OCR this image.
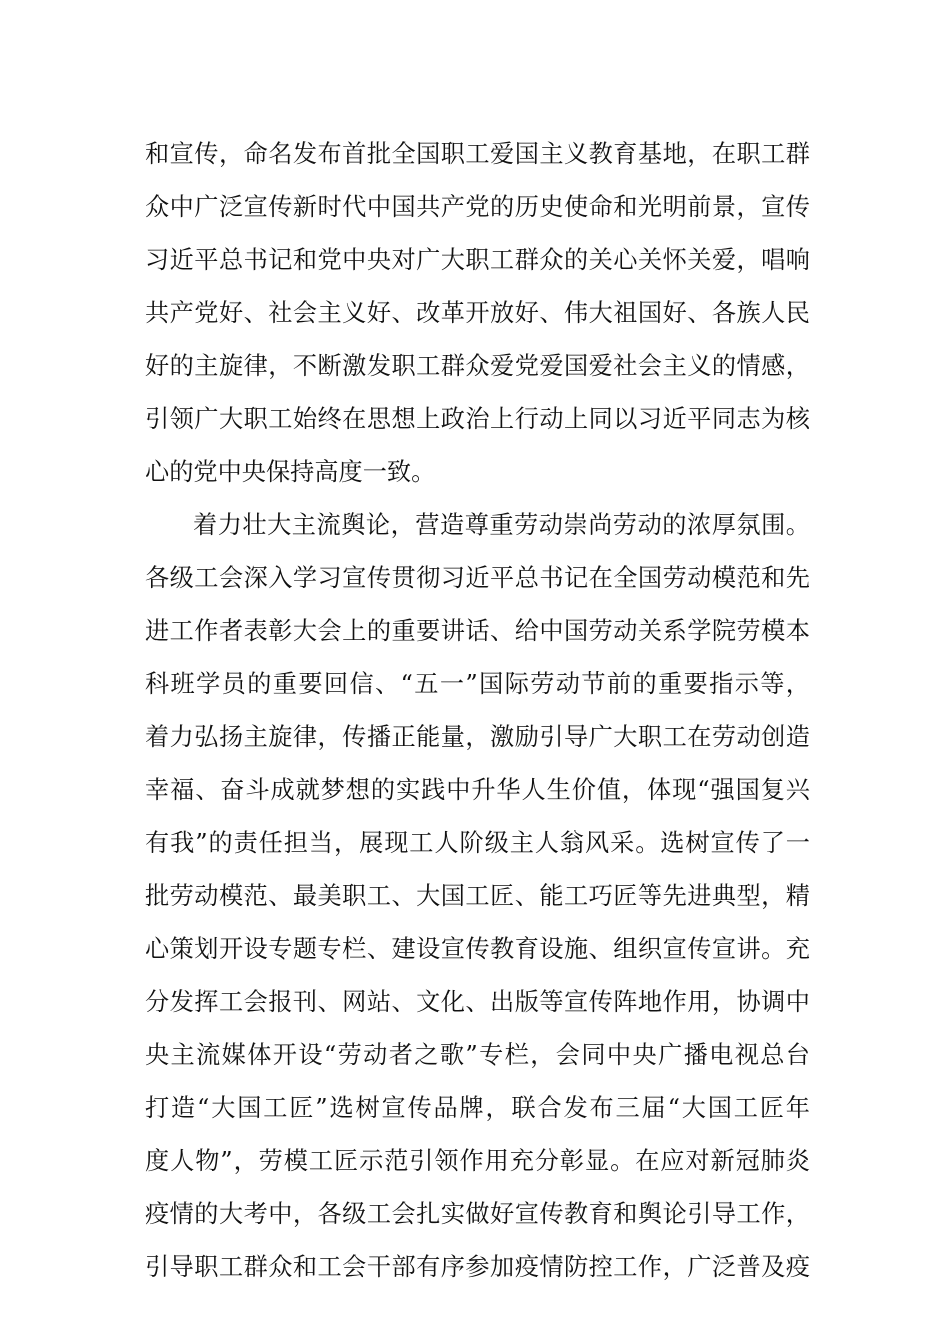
和宣传，命名发布首批全国职工爱国主义教育基地，在职工群
众中广泛宣传新时代中国共产党的历史使命和光明前景，宣传
习近平总书记和党中央对广大职工群众的关心关怀关爱，唱响
共产党好、社会主义好、改革开放好、伟大祖国好、各族人民
好的主旋律，不断激发职工群众爱党爱国爱社会主义的情感，
引领广大职工始终在思想上政治上行动上同以习近平同志为核
心的党中央保持高度一致。
着力壮大主流舆论，营造尊重劳动崇尚劳动的浓厚氛围。
各级工会深入学习宣传贯彻习近平总书记在全国劳动模范和先
进工作者表彰大会上的重要讲话、给中国劳动关系学院劳模本
科班学员的重要回信、“五一”国际劳动节前的重要指示等，
着力弘扬主旋律，传播正能量，激励引导广大职工在劳动创造
幸福、奋斗成就梦想的实践中升华人生价值，体现“强国复兴
有我”的责任担当，展现工人阶级主人翁风采。选树宣传了一
批劳动模范、最美职工、大国工匠、能工巧匠等先进典型，精
心策划开设专题专栏、建设宣传教育设施、组织宣传宣讲。充
分发挥工会报刊、网站、文化、出版等宣传阵地作用，协调中
央主流媒体开设“劳动者之歌”专栏，会同中央广播电视总台
打造“大国工匠”选树宣传品牌，联合发布三届“大国工匠年
度人物”，劳模工匠示范引领作用充分彰显。在应对新冠肺炎
疫情的大考中，各级工会扎实做好宣传教育和舆论引导工作，
引导职工群众和工会干部有序参加疫情防控工作，广泛普及疫
